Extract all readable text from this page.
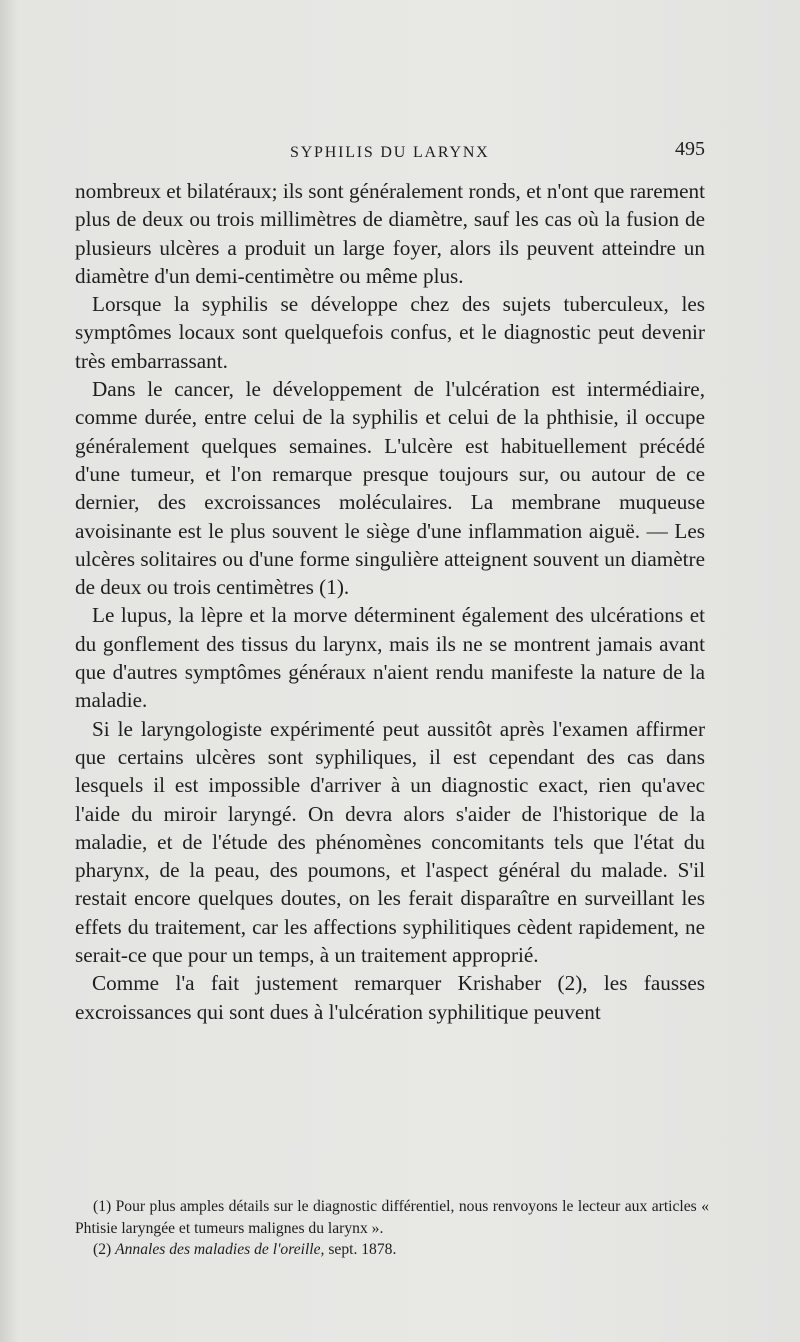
SYPHILIS DU LARYNX	495

nombreux et bilatéraux; ils sont généralement ronds, et n'ont que rarement plus de deux ou trois millimètres de diamètre, sauf les cas où la fusion de plusieurs ulcères a produit un large foyer, alors ils peuvent atteindre un diamètre d'un demi-centimètre ou même plus.

Lorsque la syphilis se développe chez des sujets tuberculeux, les symptômes locaux sont quelquefois confus, et le diagnostic peut devenir très embarrassant.

Dans le cancer, le développement de l'ulcération est intermédiaire, comme durée, entre celui de la syphilis et celui de la phthisie, il occupe généralement quelques semaines. L'ulcère est habituellement précédé d'une tumeur, et l'on remarque presque toujours sur, ou autour de ce dernier, des excroissances moléculaires. La membrane muqueuse avoisinante est le plus souvent le siège d'une inflammation aiguë. — Les ulcères solitaires ou d'une forme singulière atteignent souvent un diamètre de deux ou trois centimètres (1).

Le lupus, la lèpre et la morve déterminent également des ulcérations et du gonflement des tissus du larynx, mais ils ne se montrent jamais avant que d'autres symptômes généraux n'aient rendu manifeste la nature de la maladie.

Si le laryngologiste expérimenté peut aussitôt après l'examen affirmer que certains ulcères sont syphiliques, il est cependant des cas dans lesquels il est impossible d'arriver à un diagnostic exact, rien qu'avec l'aide du miroir laryngé. On devra alors s'aider de l'historique de la maladie, et de l'étude des phénomènes concomitants tels que l'état du pharynx, de la peau, des poumons, et l'aspect général du malade. S'il restait encore quelques doutes, on les ferait disparaître en surveillant les effets du traitement, car les affections syphilitiques cèdent rapidement, ne serait-ce que pour un temps, à un traitement approprié.

Comme l'a fait justement remarquer Krishaber (2), les fausses excroissances qui sont dues à l'ulcération syphilitique peuvent

(1) Pour plus amples détails sur le diagnostic différentiel, nous renvoyons le lecteur aux articles « Phtisie laryngée et tumeurs malignes du larynx ».

(2) Annales des maladies de l'oreille, sept. 1878.
